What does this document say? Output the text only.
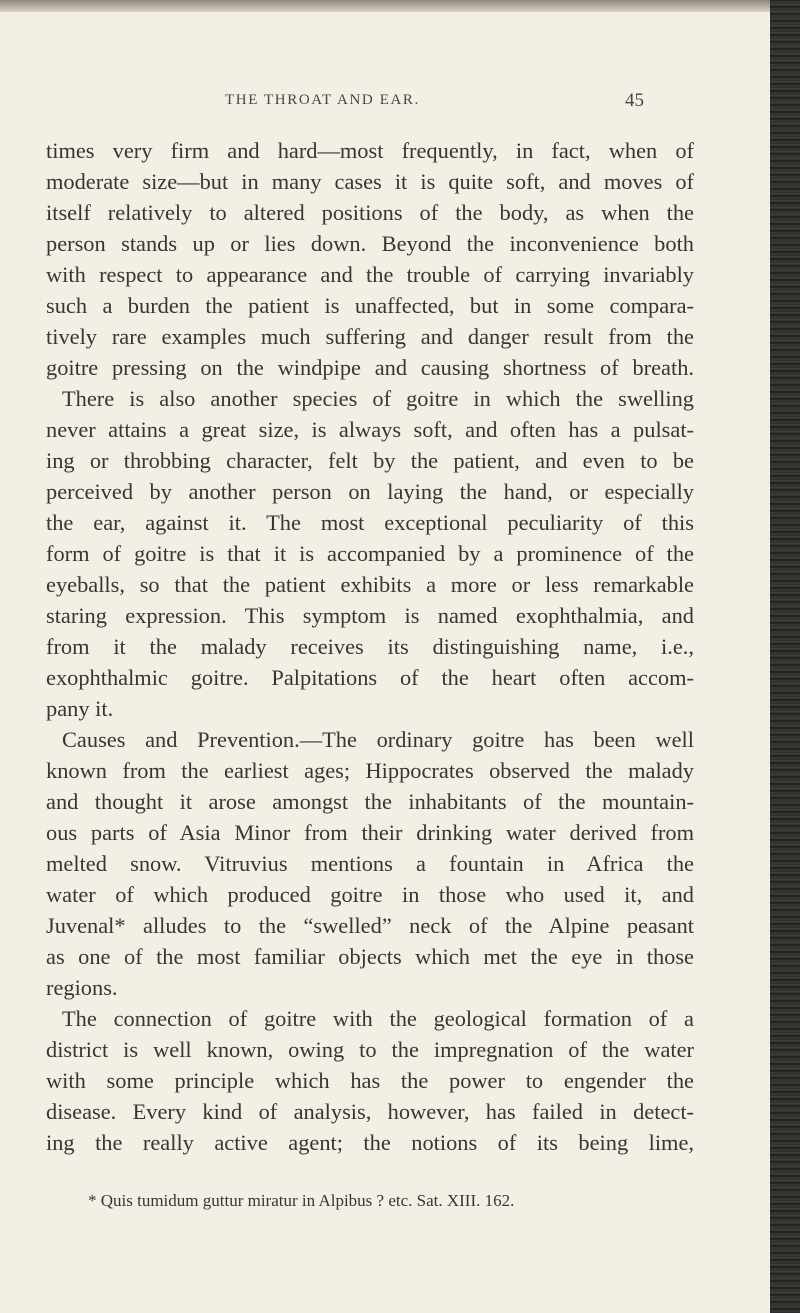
THE THROAT AND EAR.	45
times very firm and hard—most frequently, in fact, when of
moderate size—but in many cases it is quite soft, and moves of
itself relatively to altered positions of the body, as when the
person stands up or lies down. Beyond the inconvenience both
with respect to appearance and the trouble of carrying invariably
such a burden the patient is unaffected, but in some compara-
tively rare examples much suffering and danger result from the
goitre pressing on the windpipe and causing shortness of breath.
There is also another species of goitre in which the swelling
never attains a great size, is always soft, and often has a pulsat-
ing or throbbing character, felt by the patient, and even to be
perceived by another person on laying the hand, or especially
the ear, against it. The most exceptional peculiarity of this
form of goitre is that it is accompanied by a prominence of the
eyeballs, so that the patient exhibits a more or less remarkable
staring expression. This symptom is named exophthalmia, and
from it the malady receives its distinguishing name, i.e.,
exophthalmic goitre. Palpitations of the heart often accom-
pany it.
Causes and Prevention.—The ordinary goitre has been well
known from the earliest ages; Hippocrates observed the malady
and thought it arose amongst the inhabitants of the mountain-
ous parts of Asia Minor from their drinking water derived from
melted snow. Vitruvius mentions a fountain in Africa the
water of which produced goitre in those who used it, and
Juvenal* alludes to the “swelled” neck of the Alpine peasant
as one of the most familiar objects which met the eye in those
regions.
The connection of goitre with the geological formation of a
district is well known, owing to the impregnation of the water
with some principle which has the power to engender the
disease. Every kind of analysis, however, has failed in detect-
ing the really active agent; the notions of its being lime,
* Quis tumidum guttur miratur in Alpibus ? etc. Sat. XIII. 162.
